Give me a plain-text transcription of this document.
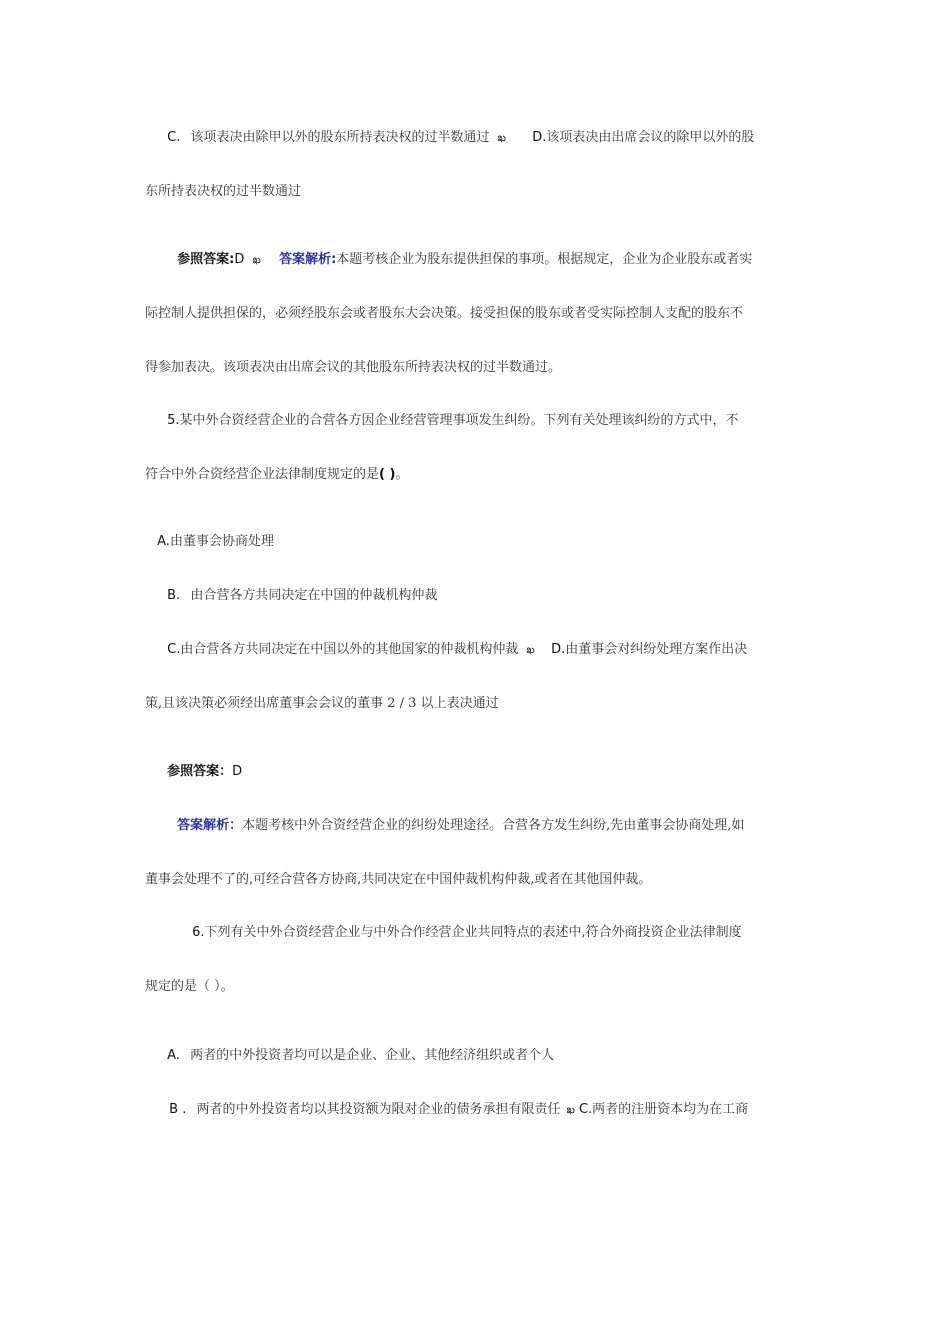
C. 该项表决由除甲以外的股东所持表决权的过半数通过 ఖ D.该项表决由出席会议的除甲以外的股
东所持表决权的过半数通过
参照答案:D ఖ 答案解析:本题考核企业为股东提供担保的事项。根据规定，企业为企业股东或者实
际控制人提供担保的，必须经股东会或者股东大会决策。接受担保的股东或者受实际控制人支配的股东不
得参加表决。该项表决由出席会议的其他股东所持表决权的过半数通过。
5.某中外合资经营企业的合营各方因企业经营管理事项发生纠纷。下列有关处理该纠纷的方式中，不
符合中外合资经营企业法律制度规定的是( )。
A.由董事会协商处理
B. 由合营各方共同决定在中国的仲裁机构仲裁
C.由合营各方共同决定在中国以外的其他国家的仲裁机构仲裁 ఖ D.由董事会对纠纷处理方案作出决
策,且该决策必须经出席董事会会议的董事 2 / 3 以上表决通过
参照答案：D
答案解析：本题考核中外合资经营企业的纠纷处理途径。合营各方发生纠纷,先由董事会协商处理,如
董事会处理不了的,可经合营各方协商,共同决定在中国仲裁机构仲裁,或者在其他国仲裁。
6.下列有关中外合资经营企业与中外合作经营企业共同特点的表述中,符合外商投资企业法律制度
规定的是（ ）。
A. 两者的中外投资者均可以是企业、企业、其他经济组织或者个人
B . 两者的中外投资者均以其投资额为限对企业的债务承担有限责任 ఖ C.两者的注册资本均为在工商
